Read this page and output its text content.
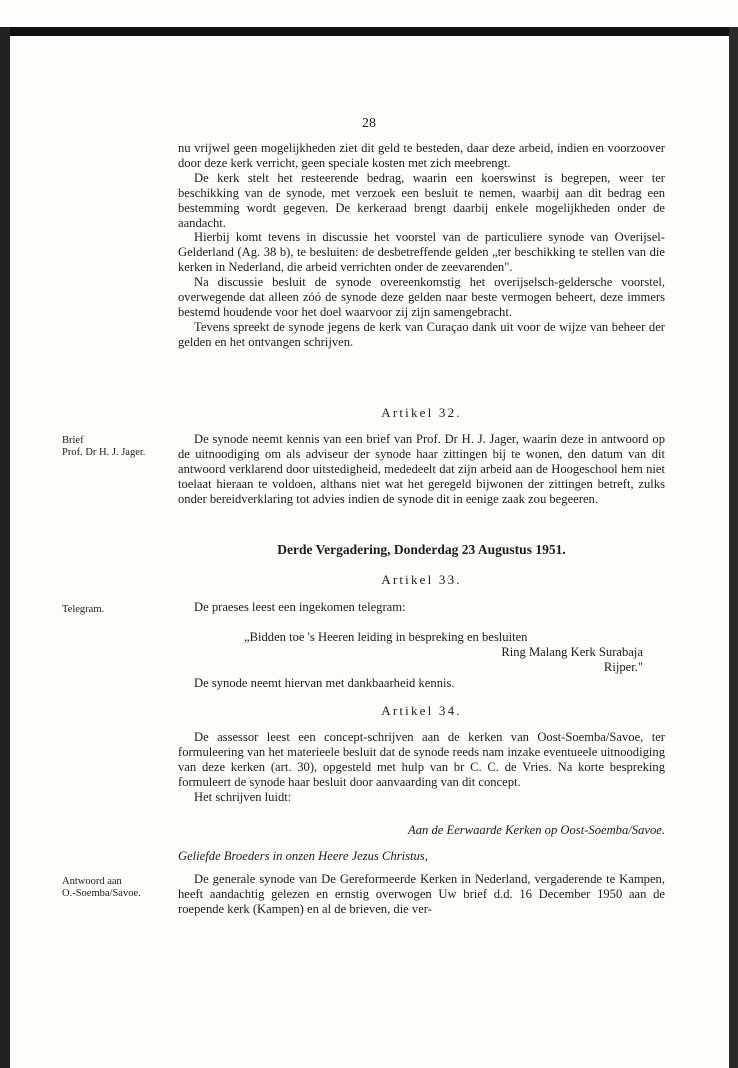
28

nu vrijwel geen mogelijkheden ziet dit geld te besteden, daar deze arbeid, indien en voorzoover door deze kerk verricht, geen speciale kosten met zich meebrengt.

De kerk stelt het resteerende bedrag, waarin een koerswinst is begrepen, weer ter beschikking van de synode, met verzoek een besluit te nemen, waarbij aan dit bedrag een bestemming wordt gegeven. De kerkeraad brengt daarbij enkele mogelijkheden onder de aandacht.

Hierbij komt tevens in discussie het voorstel van de particuliere synode van Overijsel-Gelderland (Ag. 38 b), te besluiten: de desbetreffende gelden „ter beschikking te stellen van die kerken in Nederland, die arbeid verrichten onder de zeevarenden".

Na discussie besluit de synode overeenkomstig het overijselsch-geldersche voorstel, overwegende dat alleen zóó de synode deze gelden naar beste vermogen beheert, deze immers bestemd houdende voor het doel waarvoor zij zijn samengebracht.

Tevens spreekt de synode jegens de kerk van Curaçao dank uit voor de wijze van beheer der gelden en het ontvangen schrijven.

Artikel 32.
Brief
Prof. Dr H. J. Jager.

De synode neemt kennis van een brief van Prof. Dr H. J. Jager, waarin deze in antwoord op de uitnoodiging om als adviseur der synode haar zittingen bij te wonen, den datum van dit antwoord verklarend door uitstedigheid, mededeelt dat zijn arbeid aan de Hoogeschool hem niet toelaat hieraan te voldoen, althans niet wat het geregeld bijwonen der zittingen betreft, zulks onder bereidverklaring tot advies indien de synode dit in eenige zaak zou begeeren.

Derde Vergadering, Donderdag 23 Augustus 1951.
Artikel 33.
Telegram.	De praeses leest een ingekomen telegram:

„Bidden toe 's Heeren leiding in bespreking en besluiten
Ring Malang Kerk Surabaja
Rijper."

De synode neemt hiervan met dankbaarheid kennis.

Artikel 34.

De assessor leest een concept-schrijven aan de kerken van Oost-Soemba/Savoe, ter formuleering van het materieele besluit dat de synode reeds nam inzake eventueele uitnoodiging van deze kerken (art. 30), opgesteld met hulp van br C. C. de Vries. Na korte bespreking formuleert de synode haar besluit door aanvaarding van dit concept.

Het schrijven luidt:

Aan de Eerwaarde Kerken op Oost-Soemba/Savoe.
Geliefde Broeders in onzen Heere Jezus Christus,
Antwoord aan
O.-Soemba/Savoe.

De generale synode van De Gereformeerde Kerken in Nederland, vergaderende te Kampen, heeft aandachtig gelezen en ernstig overwogen Uw brief d.d. 16 December 1950 aan de roepende kerk (Kampen) en al de brieven, die ver-
